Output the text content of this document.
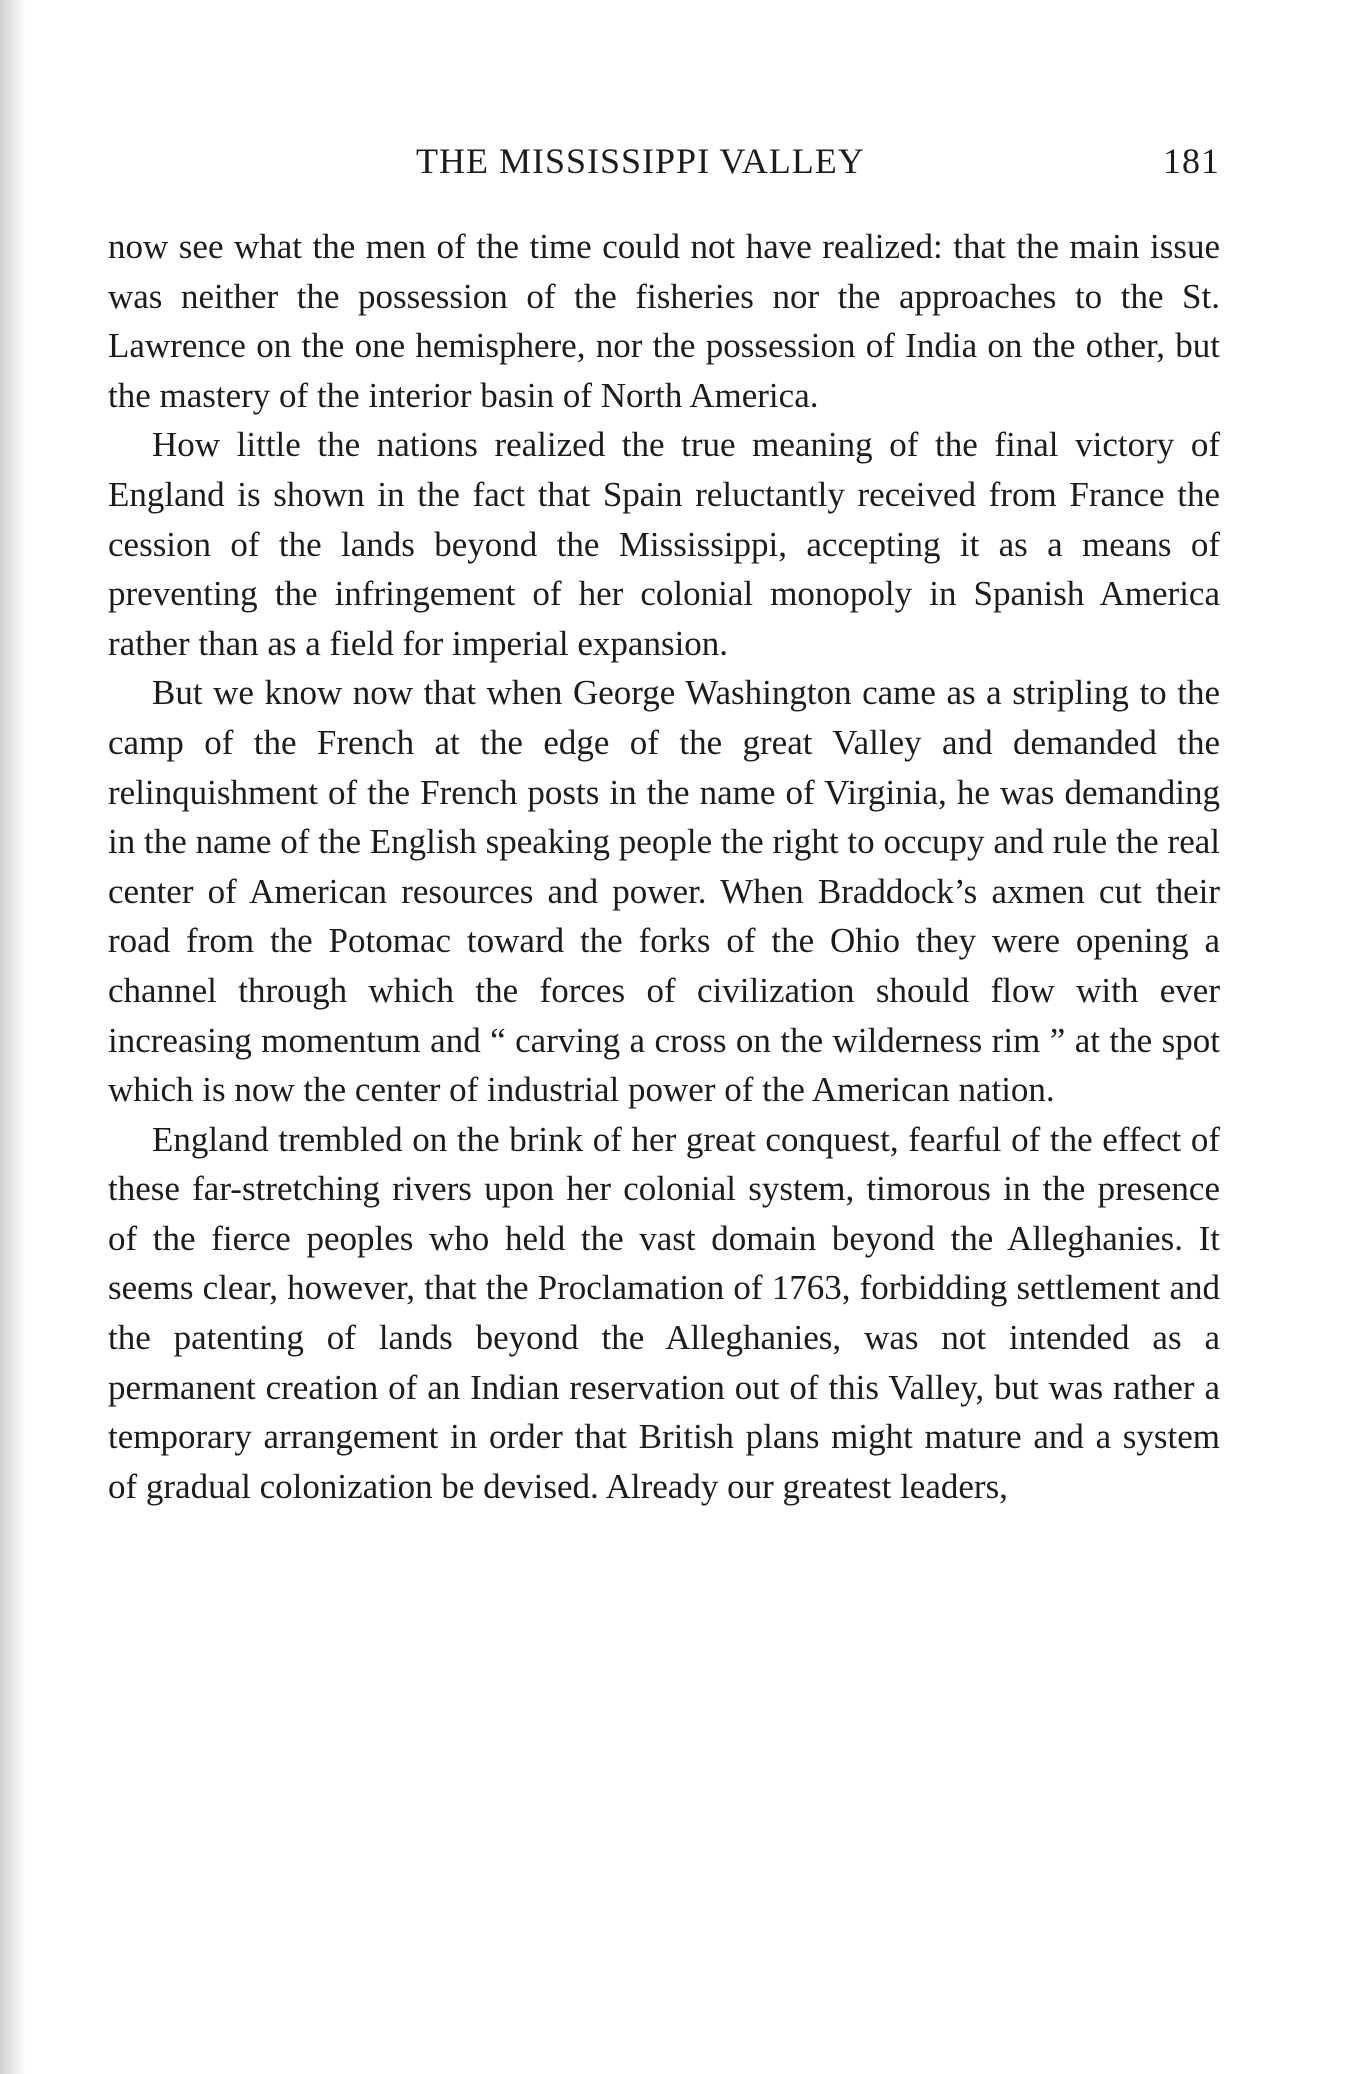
THE MISSISSIPPI VALLEY	181

now see what the men of the time could not have realized: that the main issue was neither the possession of the fisheries nor the approaches to the St. Lawrence on the one hemisphere, nor the possession of India on the other, but the mastery of the interior basin of North America.

How little the nations realized the true meaning of the final victory of England is shown in the fact that Spain reluctantly received from France the cession of the lands beyond the Mississippi, accepting it as a means of preventing the infringement of her colonial monopoly in Spanish America rather than as a field for imperial expansion.

But we know now that when George Washington came as a stripling to the camp of the French at the edge of the great Valley and demanded the relinquishment of the French posts in the name of Virginia, he was demanding in the name of the English speaking people the right to occupy and rule the real center of American resources and power. When Braddock’s axmen cut their road from the Potomac toward the forks of the Ohio they were opening a channel through which the forces of civilization should flow with ever increasing momentum and “ carving a cross on the wilderness rim ” at the spot which is now the center of industrial power of the American nation.

England trembled on the brink of her great conquest, fearful of the effect of these far-stretching rivers upon her colonial system, timorous in the presence of the fierce peoples who held the vast domain beyond the Alleghanies. It seems clear, however, that the Proclamation of 1763, forbidding settlement and the patenting of lands beyond the Alleghanies, was not intended as a permanent creation of an Indian reservation out of this Valley, but was rather a temporary arrangement in order that British plans might mature and a system of gradual colonization be devised. Already our greatest leaders,
